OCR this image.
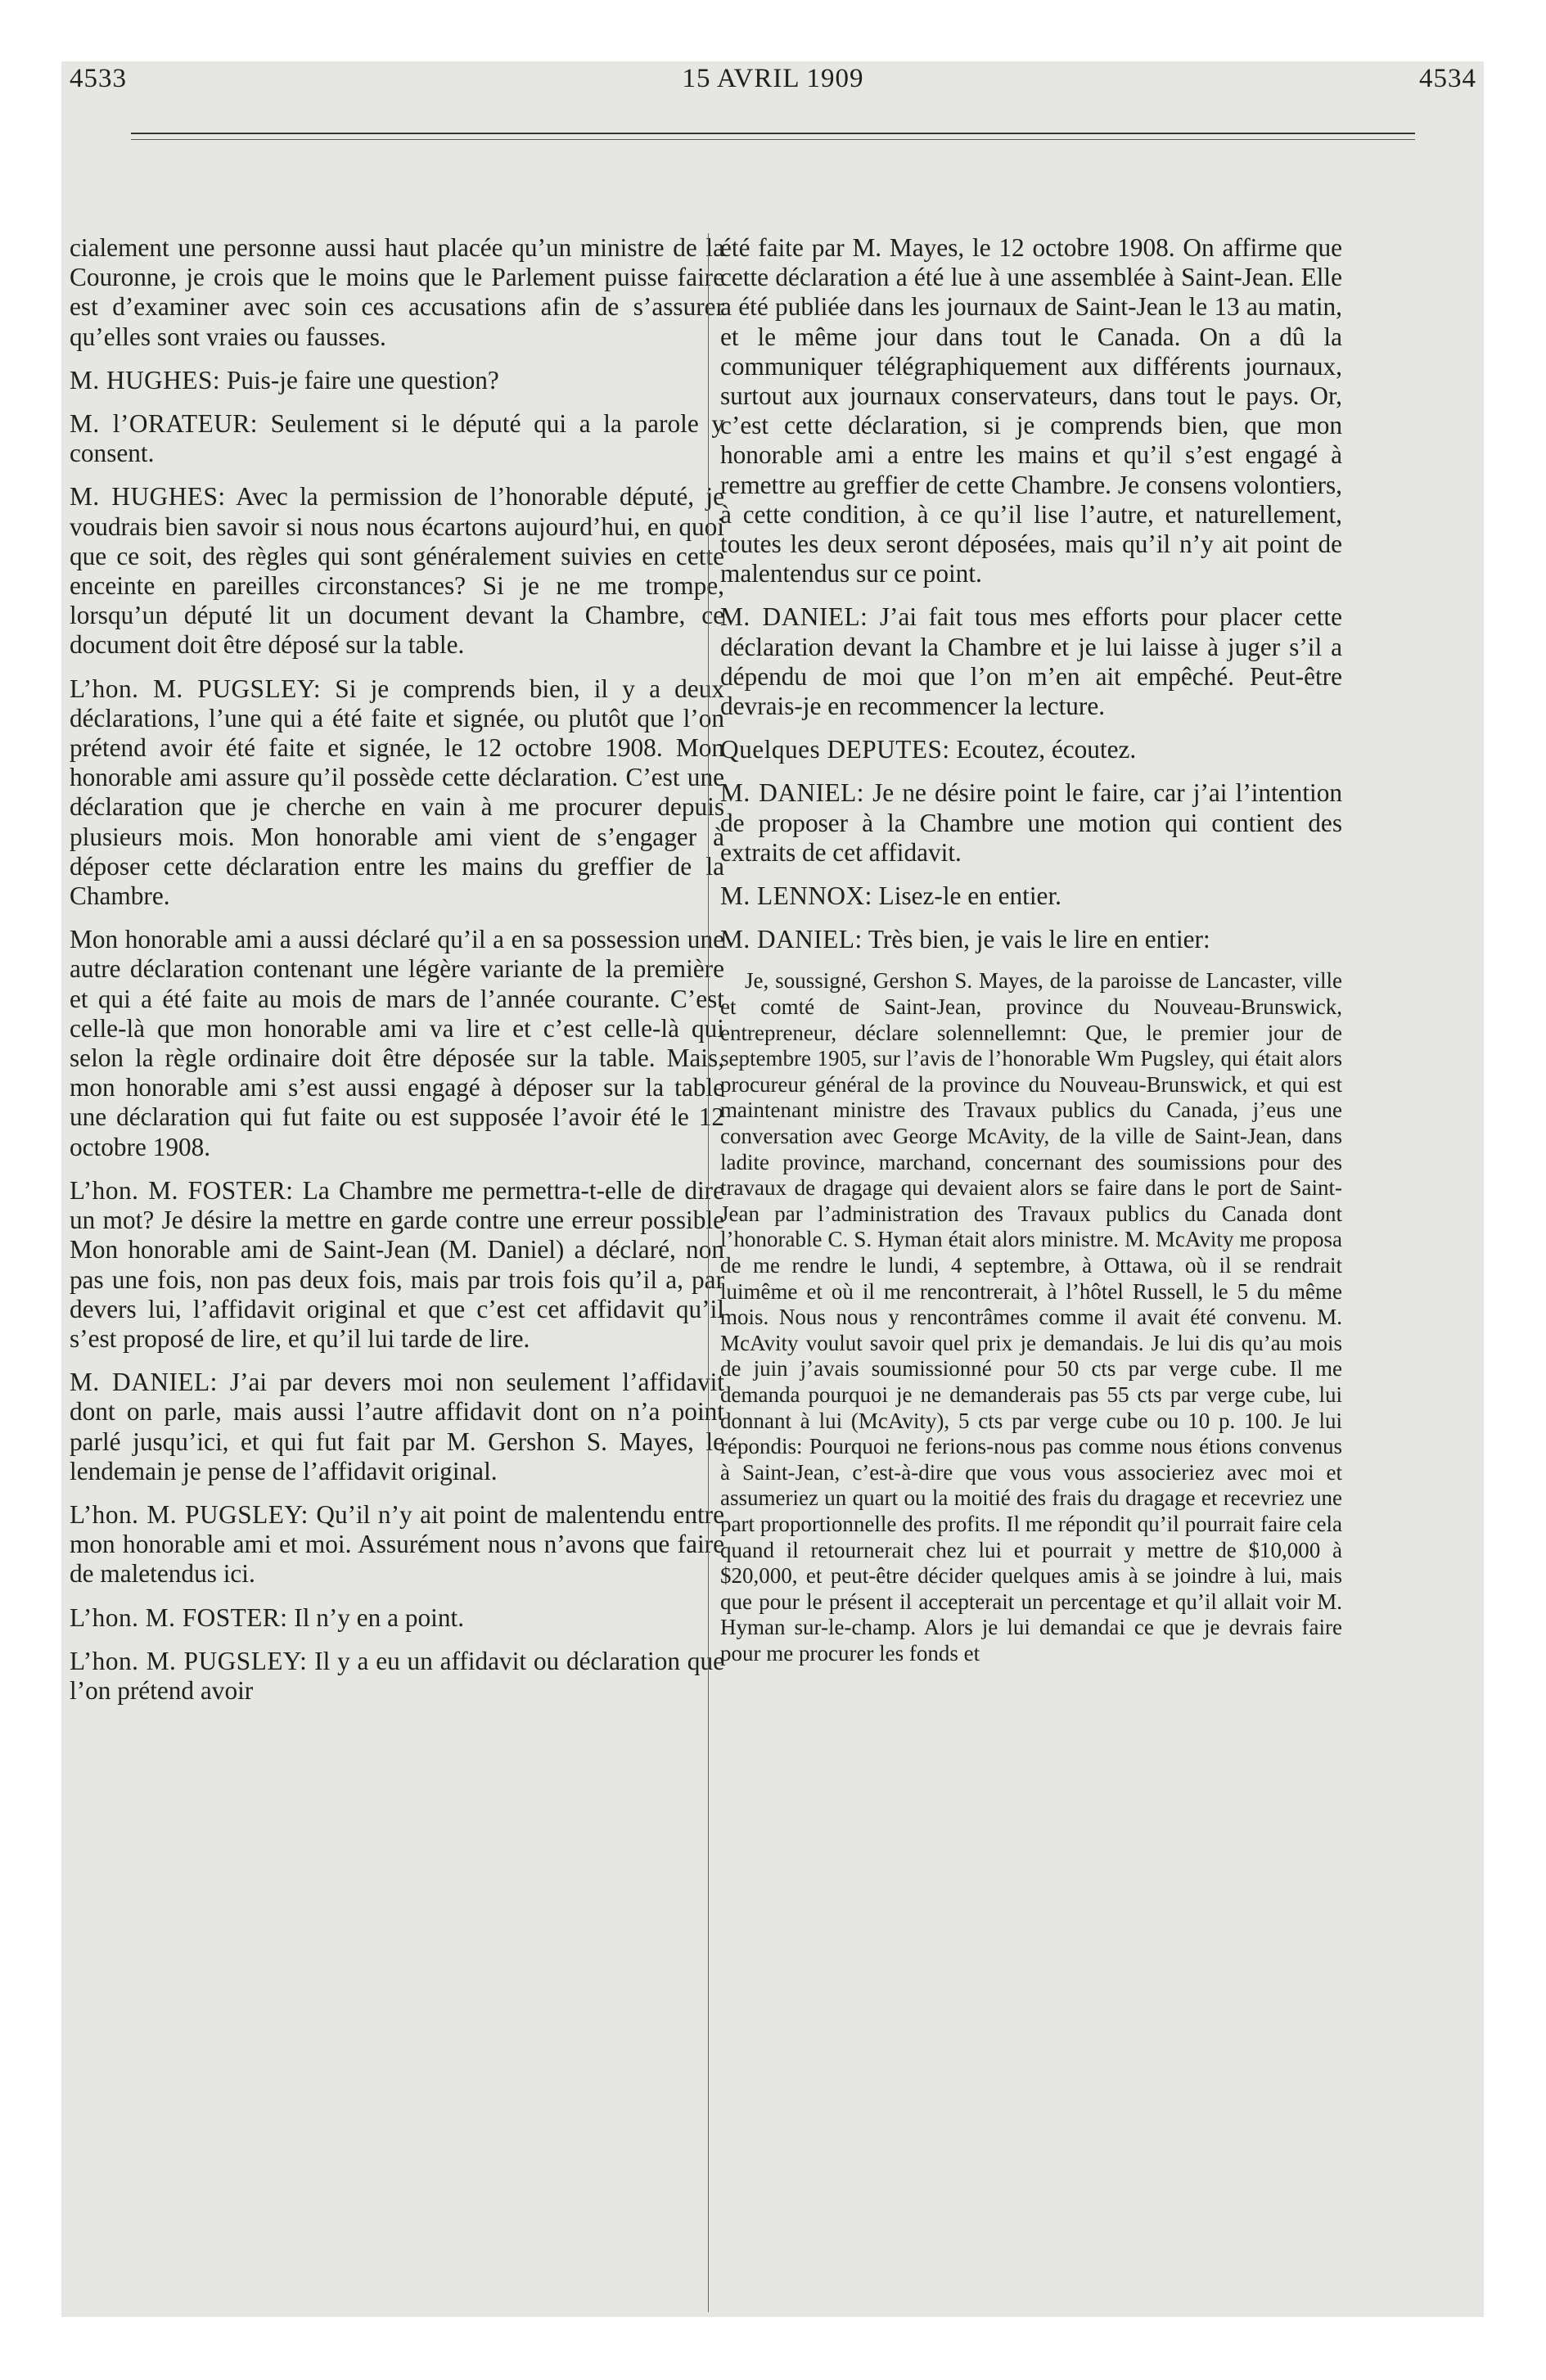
4533	15 AVRIL 1909	4534

cialement une personne aussi haut placée qu’un ministre de la Couronne, je crois que le moins que le Parlement puisse faire est d’examiner avec soin ces accusations afin de s’assurer qu’elles sont vraies ou fausses.

M. HUGHES: Puis-je faire une question?

M. l’ORATEUR: Seulement si le député qui a la parole y consent.

M. HUGHES: Avec la permission de l’honorable député, je voudrais bien savoir si nous nous écartons aujourd’hui, en quoi que ce soit, des règles qui sont généralement suivies en cette enceinte en pareilles circonstances? Si je ne me trompe, lorsqu’un député lit un document devant la Chambre, ce document doit être déposé sur la table.

L’hon. M. PUGSLEY: Si je comprends bien, il y a deux déclarations, l’une qui a été faite et signée, ou plutôt que l’on prétend avoir été faite et signée, le 12 octobre 1908. Mon honorable ami assure qu’il possède cette déclaration. C’est une déclaration que je cherche en vain à me procurer depuis plusieurs mois. Mon honorable ami vient de s’engager à déposer cette déclaration entre les mains du greffier de la Chambre.

Mon honorable ami a aussi déclaré qu’il a en sa possession une autre déclaration contenant une légère variante de la première et qui a été faite au mois de mars de l’année courante. C’est celle-là que mon honorable ami va lire et c’est celle-là qui selon la règle ordinaire doit être déposée sur la table. Mais, mon honorable ami s’est aussi engagé à déposer sur la table une déclaration qui fut faite ou est supposée l’avoir été le 12 octobre 1908.

L’hon. M. FOSTER: La Chambre me permettra-t-elle de dire un mot? Je désire la mettre en garde contre une erreur possible Mon honorable ami de Saint-Jean (M. Daniel) a déclaré, non pas une fois, non pas deux fois, mais par trois fois qu’il a, par devers lui, l’affidavit original et que c’est cet affidavit qu’il s’est proposé de lire, et qu’il lui tarde de lire.

M. DANIEL: J’ai par devers moi non seulement l’affidavit dont on parle, mais aussi l’autre affidavit dont on n’a point parlé jusqu’ici, et qui fut fait par M. Gershon S. Mayes, le lendemain je pense de l’affidavit original.

L’hon. M. PUGSLEY: Qu’il n’y ait point de malentendu entre mon honorable ami et moi. Assurément nous n’avons que faire de maletendus ici.

L’hon. M. FOSTER: Il n’y en a point.

L’hon. M. PUGSLEY: Il y a eu un affidavit ou déclaration que l’on prétend avoir

été faite par M. Mayes, le 12 octobre 1908. On affirme que cette déclaration a été lue à une assemblée à Saint-Jean. Elle a été publiée dans les journaux de Saint-Jean le 13 au matin, et le même jour dans tout le Canada. On a dû la communiquer télégraphiquement aux différents journaux, surtout aux journaux conservateurs, dans tout le pays. Or, c’est cette déclaration, si je comprends bien, que mon honorable ami a entre les mains et qu’il s’est engagé à remettre au greffier de cette Chambre. Je consens volontiers, à cette condition, à ce qu’il lise l’autre, et naturellement, toutes les deux seront déposées, mais qu’il n’y ait point de malentendus sur ce point.

M. DANIEL: J’ai fait tous mes efforts pour placer cette déclaration devant la Chambre et je lui laisse à juger s’il a dépendu de moi que l’on m’en ait empêché. Peut-être devrais-je en recommencer la lecture.

Quelques DEPUTES: Ecoutez, écoutez.

M. DANIEL: Je ne désire point le faire, car j’ai l’intention de proposer à la Chambre une motion qui contient des extraits de cet affidavit.

M. LENNOX: Lisez-le en entier.

M. DANIEL: Très bien, je vais le lire en entier:

Je, soussigné, Gershon S. Mayes, de la paroisse de Lancaster, ville et comté de Saint-Jean, province du Nouveau-Brunswick, entrepreneur, déclare solennellemnt: Que, le premier jour de septembre 1905, sur l’avis de l’honorable Wm Pugsley, qui était alors procureur général de la province du Nouveau-Brunswick, et qui est maintenant ministre des Travaux publics du Canada, j’eus une conversation avec George McAvity, de la ville de Saint-Jean, dans ladite province, marchand, concernant des soumissions pour des travaux de dragage qui devaient alors se faire dans le port de Saint-Jean par l’administration des Travaux publics du Canada dont l’honorable C. S. Hyman était alors ministre. M. McAvity me proposa de me rendre le lundi, 4 septembre, à Ottawa, où il se rendrait luimême et où il me rencontrerait, à l’hôtel Russell, le 5 du même mois. Nous nous y rencontrâmes comme il avait été convenu. M. McAvity voulut savoir quel prix je demandais. Je lui dis qu’au mois de juin j’avais soumissionné pour 50 cts par verge cube. Il me demanda pourquoi je ne demanderais pas 55 cts par verge cube, lui donnant à lui (McAvity), 5 cts par verge cube ou 10 p. 100. Je lui répondis: Pourquoi ne ferions-nous pas comme nous étions convenus à Saint-Jean, c’est-à-dire que vous vous associeriez avec moi et assumeriez un quart ou la moitié des frais du dragage et recevriez une part proportionnelle des profits. Il me répondit qu’il pourrait faire cela quand il retournerait chez lui et pourrait y mettre de $10,000 à $20,000, et peut-être décider quelques amis à se joindre à lui, mais que pour le présent il accepterait un percentage et qu’il allait voir M. Hyman sur-le-champ. Alors je lui demandai ce que je devrais faire pour me procurer les fonds et
